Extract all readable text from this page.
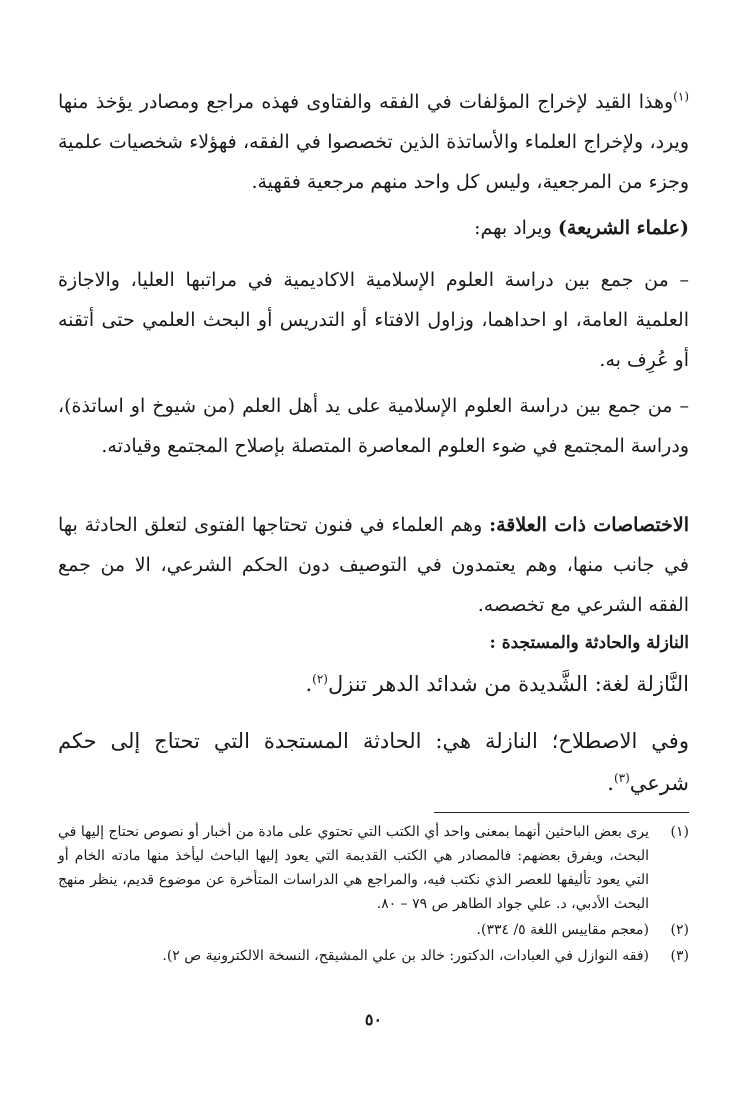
$^{(١)}$وهذا القيد لإخراج المؤلفات في الفقه والفتاوى فهذه مراجع ومصادر يؤخذ منها ويرد، ولإخراج العلماء والأساتذة الذين تخصصوا في الفقه، فهؤلاء شخصيات علمية وجزء من المرجعية، وليس كل واحد منهم مرجعية فقهية.
(علماء الشريعة) ويراد بهم:
– من جمع بين دراسة العلوم الإسلامية الاكاديمية في مراتبها العليا، والاجازة العلمية العامة، او احداهما، وزاول الافتاء أو التدريس أو البحث العلمي حتى أتقنه أو عُرِف به.
– من جمع بين دراسة العلوم الإسلامية على يد أهل العلم (من شيوخ او اساتذة)، ودراسة المجتمع في ضوء العلوم المعاصرة المتصلة بإصلاح المجتمع وقيادته.
الاختصاصات ذات العلاقة: وهم العلماء في فنون تحتاجها الفتوى لتعلق الحادثة بها في جانب منها، وهم يعتمدون في التوصيف دون الحكم الشرعي، الا من جمع الفقه الشرعي مع تخصصه.
النازلة والحادثة والمستجدة :
النَّازلة لغة: الشَّديدة من شدائد الدهر تنزل$^{(٢)}$.
وفي الاصطلاح؛ النازلة هي: الحادثة المستجدة التي تحتاج إلى حكم شرعي$^{(٣)}$.
(١)
يرى بعض الباحثين أنهما بمعنى واحد أي الكتب التي تحتوي على مادة من أخبار أو نصوص نحتاج إليها في البحث، ويفرق بعضهم: فالمصادر هي الكتب القديمة التي يعود إليها الباحث ليأخذ منها مادته الخام أو التي يعود تأليفها للعصر الذي نكتب فيه، والمراجع هي الدراسات المتأخرة عن موضوع قديم، ينظر منهج البحث الأدبي، د. علي جواد الطاهر ص ٧٩ – ٨٠.
(٢)
(معجم مقاييس اللغة ٥/ ٣٣٤).
(٣)
(فقه النوازل في العبادات، الدكتور: خالد بن علي المشيقح، النسخة الالكترونية ص ٢).
٥٠
